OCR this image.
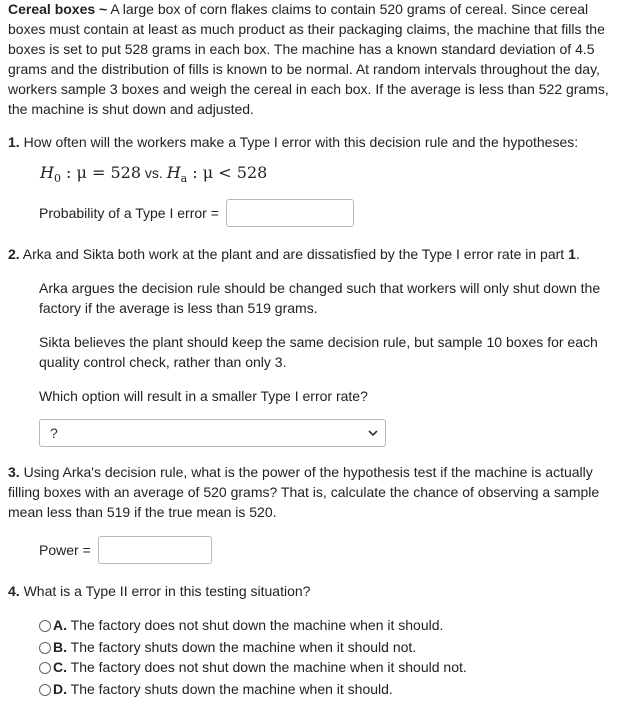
Cereal boxes ~ A large box of corn flakes claims to contain 520 grams of cereal. Since cereal boxes must contain at least as much product as their packaging claims, the machine that fills the boxes is set to put 528 grams in each box. The machine has a known standard deviation of 4.5 grams and the distribution of fills is known to be normal. At random intervals throughout the day, workers sample 3 boxes and weigh the cereal in each box. If the average is less than 522 grams, the machine is shut down and adjusted.

1. How often will the workers make a Type I error with this decision rule and the hypotheses:

$H_0$ : μ = 528 vs. $H_a$ : μ < 528
Probability of a Type I error =

2. Arka and Sikta both work at the plant and are dissatisfied by the Type I error rate in part 1.

Arka argues the decision rule should be changed such that workers will only shut down the factory if the average is less than 519 grams.

Sikta believes the plant should keep the same decision rule, but sample 10 boxes for each quality control check, rather than only 3.

Which option will result in a smaller Type I error rate?

?

3. Using Arka's decision rule, what is the power of the hypothesis test if the machine is actually filling boxes with an average of 520 grams? That is, calculate the chance of observing a sample mean less than 519 if the true mean is 520.

Power =

4. What is a Type II error in this testing situation?

A. The factory does not shut down the machine when it should.
B. The factory shuts down the machine when it should not.
C. The factory does not shut down the machine when it should not.
D. The factory shuts down the machine when it should.
